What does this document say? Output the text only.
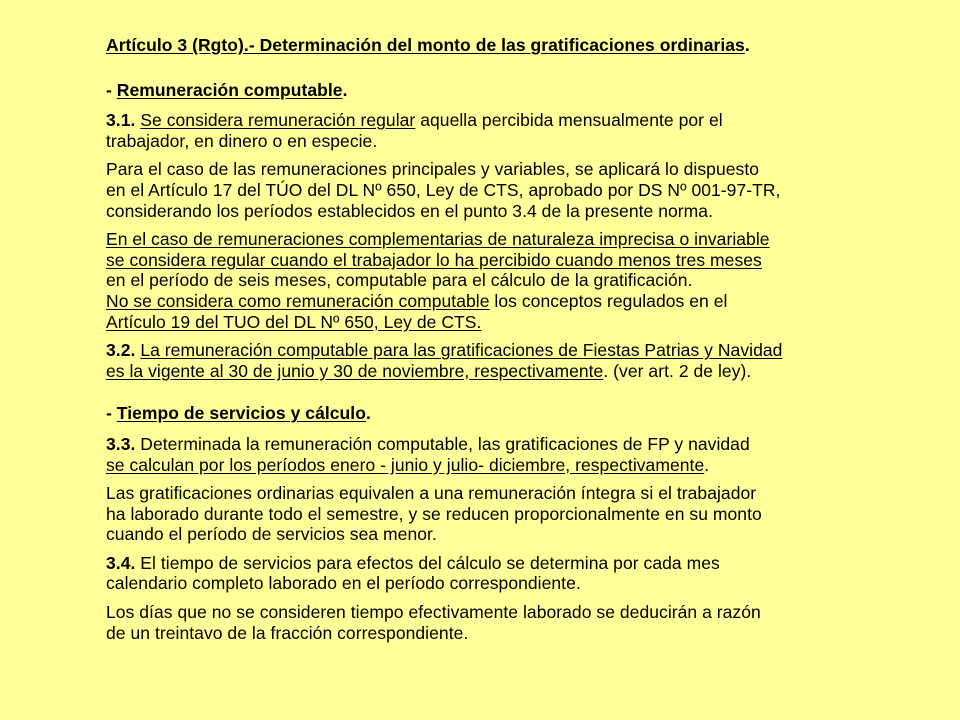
Artículo 3 (Rgto).- Determinación del monto de las gratificaciones ordinarias.
- Remuneración computable.
3.1. Se considera remuneración regular aquella percibida mensualmente por el
trabajador, en dinero o en especie.
Para el caso de las remuneraciones principales y variables, se aplicará lo dispuesto
en el Artículo 17 del TÚO del DL Nº 650, Ley de CTS, aprobado por DS Nº 001-97-TR,
considerando los períodos establecidos en el punto 3.4 de la presente norma.
En el caso de remuneraciones complementarias de naturaleza imprecisa o invariable
se considera regular cuando el trabajador lo ha percibido cuando menos tres meses
en el período de seis meses, computable para el cálculo de la gratificación.
No se considera como remuneración computable los conceptos regulados en el
Artículo 19 del TUO del DL Nº 650, Ley de CTS.
3.2. La remuneración computable para las gratificaciones de Fiestas Patrias y Navidad
es la vigente al 30 de junio y 30 de noviembre, respectivamente. (ver art. 2 de ley).
- Tiempo de servicios y cálculo.
3.3. Determinada la remuneración computable, las gratificaciones de FP y navidad
se calculan por los períodos enero - junio y julio- diciembre, respectivamente.
Las gratificaciones ordinarias equivalen a una remuneración íntegra si el trabajador
ha laborado durante todo el semestre, y se reducen proporcionalmente en su monto
cuando el período de servicios sea menor.
3.4. El tiempo de servicios para efectos del cálculo se determina por cada mes
calendario completo laborado en el período correspondiente.
Los días que no se consideren tiempo efectivamente laborado se deducirán a razón
de un treintavo de la fracción correspondiente.
